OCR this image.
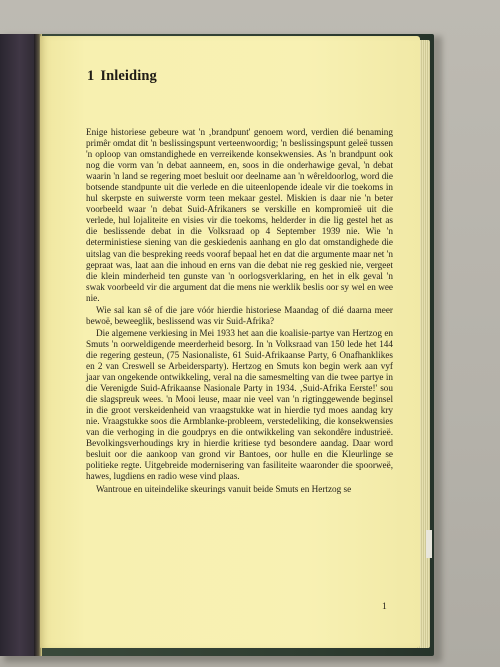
1 Inleiding

Enige historiese gebeure wat 'n ‚brandpunt' genoem word, verdien dié benaming primêr omdat dit 'n beslissingspunt verteenwoordig; 'n beslissingspunt geleë tussen 'n oploop van omstandighede en verreikende konsekwensies. As 'n brandpunt ook nog die vorm van 'n debat aanneem, en, soos in die onderhawige geval, 'n debat waarin 'n land se regering moet besluit oor deelname aan 'n wêreldoorlog, word die botsende standpunte uit die verlede en die uiteenlopende ideale vir die toekoms in hul skerpste en suiwerste vorm teen mekaar gestel. Miskien is daar nie 'n beter voorbeeld waar 'n debat Suid-Afrikaners se verskille en kompromieë uit die verlede, hul lojaliteite en visies vir die toekoms, helderder in die lig gestel het as die beslissende debat in die Volksraad op 4 September 1939 nie. Wie 'n deterministiese siening van die geskiedenis aanhang en glo dat omstandighede die uitslag van die bespreking reeds vooraf bepaal het en dat die argumente maar net 'n gepraat was, laat aan die inhoud en erns van die debat nie reg geskied nie, vergeet die klein minderheid ten gunste van 'n oorlogsverklaring, en het in elk geval 'n swak voorbeeld vir die argument dat die mens nie werklik beslis oor sy wel en wee nie.

Wie sal kan sê of die jare vóór hierdie historiese Maandag of dié daarna meer bewoë, beweeglik, beslissend was vir Suid-Afrika?

Die algemene verkiesing in Mei 1933 het aan die koalisie-partye van Hertzog en Smuts 'n oorweldigende meerderheid besorg. In 'n Volksraad van 150 lede het 144 die regering gesteun, (75 Nasionaliste, 61 Suid-Afrikaanse Party, 6 Onafhanklikes en 2 van Creswell se Arbeidersparty). Hertzog en Smuts kon begin werk aan vyf jaar van ongekende ontwikkeling, veral na die samesmelting van die twee partye in die Verenigde Suid-Afrikaanse Nasionale Party in 1934. ‚Suid-Afrika Eerste!' sou die slagspreuk wees. 'n Mooi leuse, maar nie veel van 'n rigtinggewende beginsel in die groot verskeidenheid van vraagstukke wat in hierdie tyd moes aandag kry nie. Vraagstukke soos die Armblanke-probleem, verstedeliking, die konsekwensies van die verhoging in die goudprys en die ontwikkeling van sekondêre industrieë. Bevolkingsverhoudings kry in hierdie kritiese tyd besondere aandag. Daar word besluit oor die aankoop van grond vir Bantoes, oor hulle en die Kleurlinge se politieke regte. Uitgebreide modernisering van fasiliteite waaronder die spoorweë, hawes, lugdiens en radio wese vind plaas.

Wantroue en uiteindelike skeurings vanuit beide Smuts en Hertzog se

1
